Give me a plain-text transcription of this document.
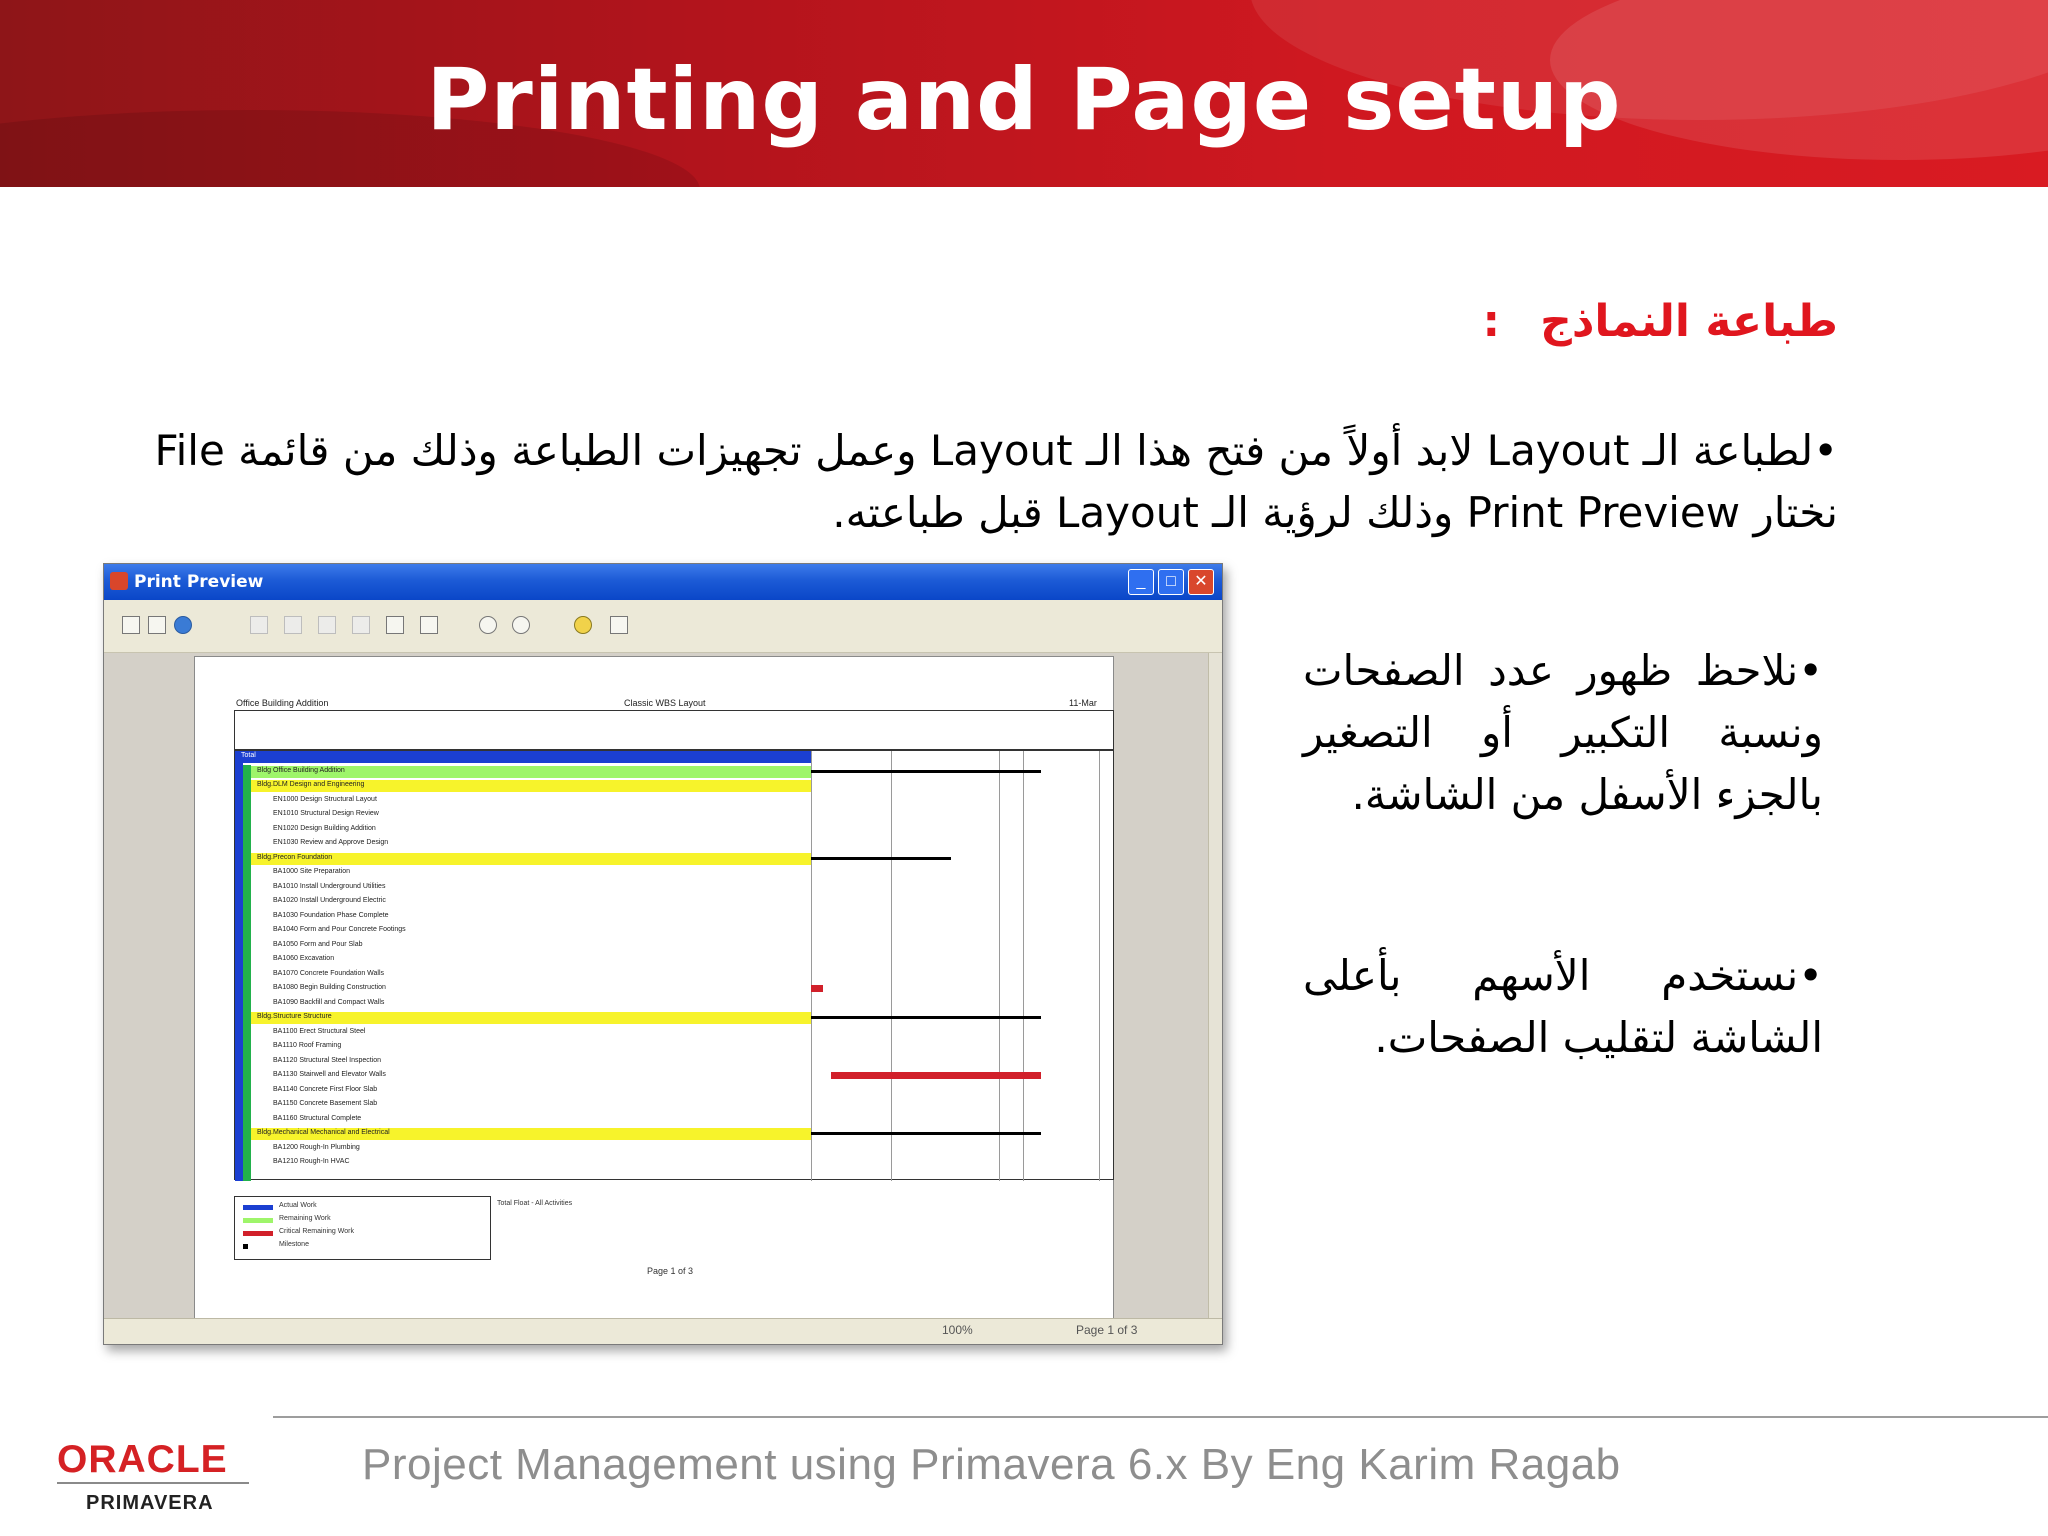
Printing and Page setup
طباعة النماذج:
•لطباعة الـ Layout لابد أولاً من فتح هذا الـ Layout وعمل تجهيزات الطباعة وذلك من قائمة File نختار Print Preview وذلك لرؤية الـ Layout قبل طباعته.
•نلاحظ ظهور عدد الصفحات ونسبة التكبير أو التصغير بالجزء الأسفل من الشاشة.
•نستخدم الأسهم بأعلى الشاشة لتقليب الصفحات.
Print Preview	_	□	✕
Office Building Addition	Classic WBS Layout	11-Mar
Total
Bldg Office Building Addition
Bldg.DLM Design and Engineering
EN1000 Design Structural Layout
EN1010 Structural Design Review
EN1020 Design Building Addition
EN1030 Review and Approve Design
Bldg.Precon Foundation
BA1000 Site Preparation
BA1010 Install Underground Utilities
BA1020 Install Underground Electric
BA1030 Foundation Phase Complete
BA1040 Form and Pour Concrete Footings
BA1050 Form and Pour Slab
BA1060 Excavation
BA1070 Concrete Foundation Walls
BA1080 Begin Building Construction
BA1090 Backfill and Compact Walls
Bldg.Structure Structure
BA1100 Erect Structural Steel
BA1110 Roof Framing
BA1120 Structural Steel Inspection
BA1130 Stairwell and Elevator Walls
BA1140 Concrete First Floor Slab
BA1150 Concrete Basement Slab
BA1160 Structural Complete
Bldg.Mechanical Mechanical and Electrical
BA1200 Rough-In Plumbing
BA1210 Rough-In HVAC
Actual Work
Remaining Work
Critical Remaining Work
Milestone
Total Float - All Activities
Page 1 of 3
100%	Page 1 of 3
Project Management using Primavera 6.x By Eng Karim Ragab
ORACLE
PRIMAVERA
